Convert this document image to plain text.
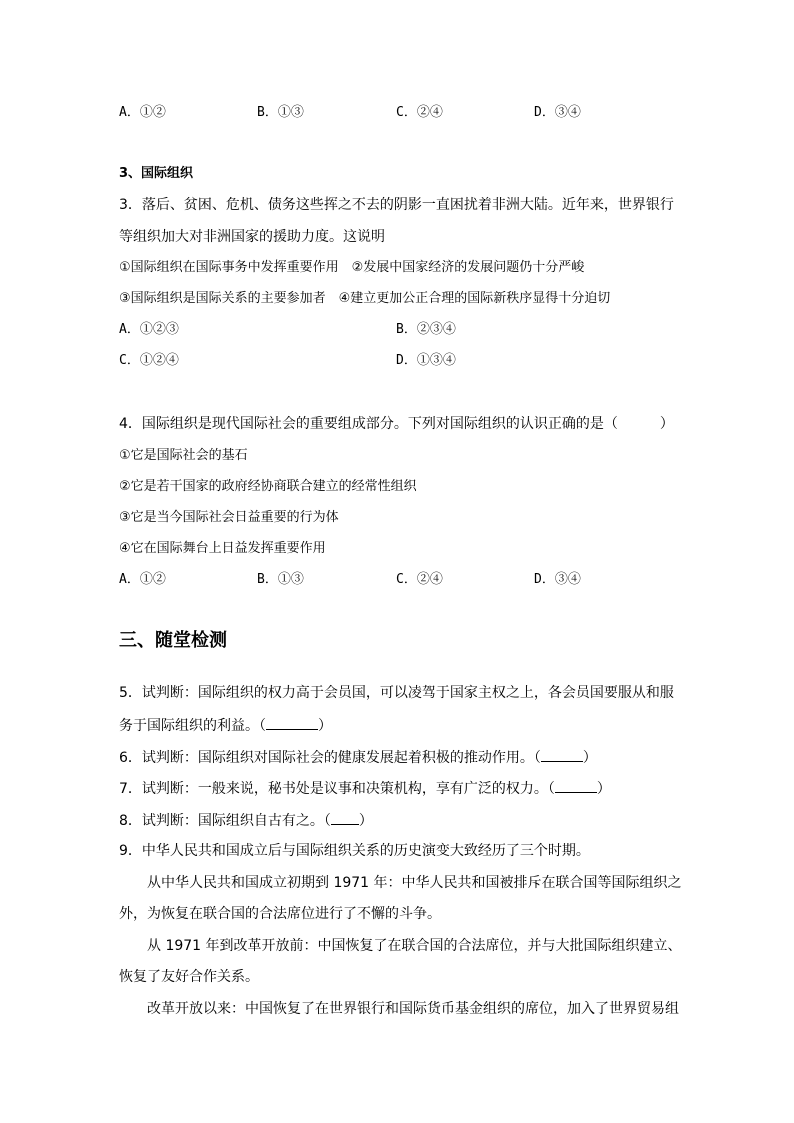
A．①②	B．①③	C．②④	D．③④
3、国际组织
3．落后、贫困、危机、债务这些挥之不去的阴影一直困扰着非洲大陆。近年来，世界银行
等组织加大对非洲国家的援助力度。这说明
①国际组织在国际事务中发挥重要作用　②发展中国家经济的发展问题仍十分严峻
③国际组织是国际关系的主要参加者　④建立更加公正合理的国际新秩序显得十分迫切
A．①②③	B．②③④
C．①②④	D．①③④
4．国际组织是现代国际社会的重要组成部分。下列对国际组织的认识正确的是（　　　）
①它是国际社会的基石
②它是若干国家的政府经协商联合建立的经常性组织
③它是当今国际社会日益重要的行为体
④它在国际舞台上日益发挥重要作用
A．①②	B．①③	C．②④	D．③④
三、随堂检测
5．试判断：国际组织的权力高于会员国，可以凌驾于国家主权之上，各会员国要服从和服
务于国际组织的利益。（	）
6．试判断：国际组织对国际社会的健康发展起着积极的推动作用。（	）
7．试判断：一般来说，秘书处是议事和决策机构，享有广泛的权力。（	）
8．试判断：国际组织自古有之。（ ）
9．中华人民共和国成立后与国际组织关系的历史演变大致经历了三个时期。
从中华人民共和国成立初期到 1971 年：中华人民共和国被排斥在联合国等国际组织之
外，为恢复在联合国的合法席位进行了不懈的斗争。
从 1971 年到改革开放前：中国恢复了在联合国的合法席位，并与大批国际组织建立、
恢复了友好合作关系。
改革开放以来：中国恢复了在世界银行和国际货币基金组织的席位，加入了世界贸易组
